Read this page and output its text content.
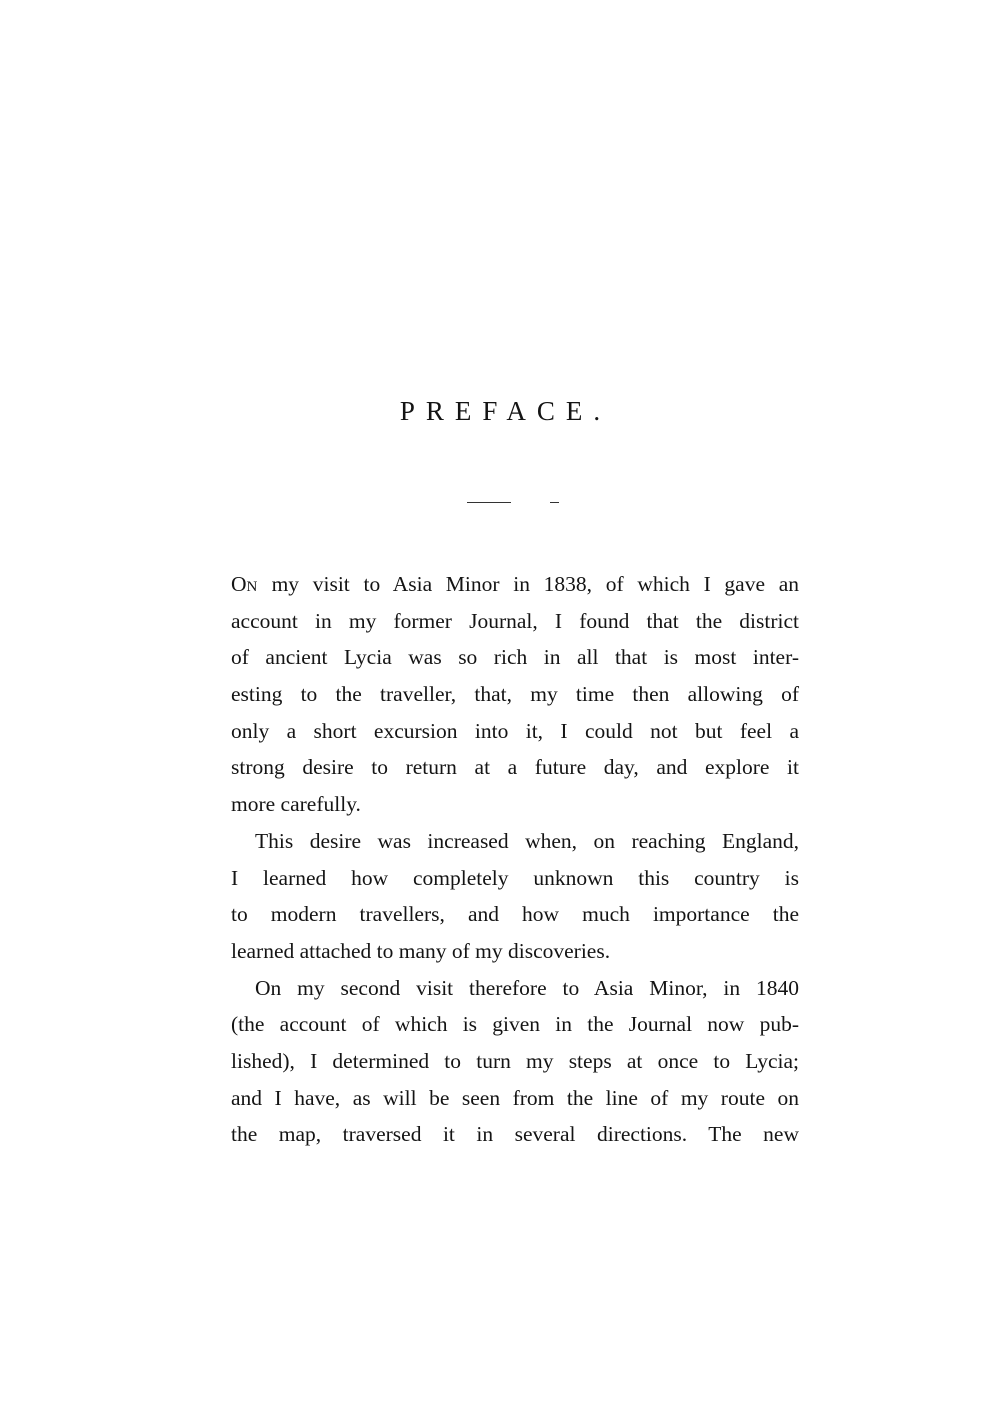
PREFACE.
ON my visit to Asia Minor in 1838, of which I gave an
account in my former Journal, I found that the district
of ancient Lycia was so rich in all that is most inter-
esting to the traveller, that, my time then allowing of
only a short excursion into it, I could not but feel a
strong desire to return at a future day, and explore it
more carefully.
This desire was increased when, on reaching England,
I learned how completely unknown this country is
to modern travellers, and how much importance the
learned attached to many of my discoveries.
On my second visit therefore to Asia Minor, in 1840
(the account of which is given in the Journal now pub-
lished), I determined to turn my steps at once to Lycia;
and I have, as will be seen from the line of my route on
the map, traversed it in several directions. The new
